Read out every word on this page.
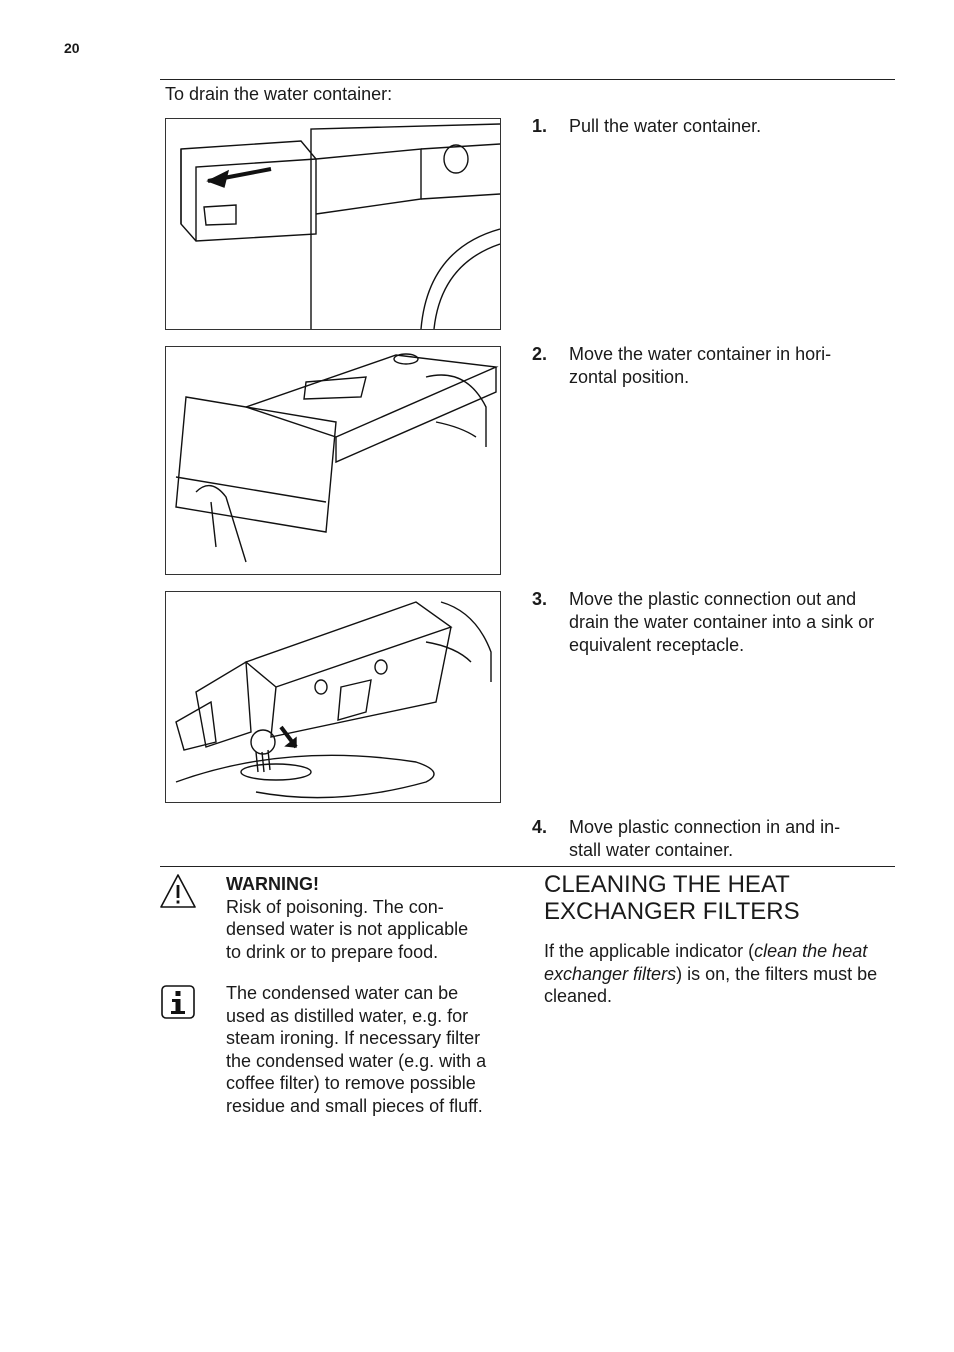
20
To drain the water container:
1. Pull the water container.
2. Move the water container in hori-
zontal position.
3. Move the plastic connection out and drain the water container into a sink or equivalent receptacle.
4. Move plastic connection in and in-
stall water container.
WARNING!
Risk of poisoning. The con-
densed water is not applicable
to drink or to prepare food.
The condensed water can be
used as distilled water, e.g. for
steam ironing. If necessary filter
the condensed water (e.g. with a
coffee filter) to remove possible
residue and small pieces of fluff.
CLEANING THE HEAT
EXCHANGER FILTERS
If the applicable indicator (clean the heat exchanger filters) is on, the filters must be cleaned.
